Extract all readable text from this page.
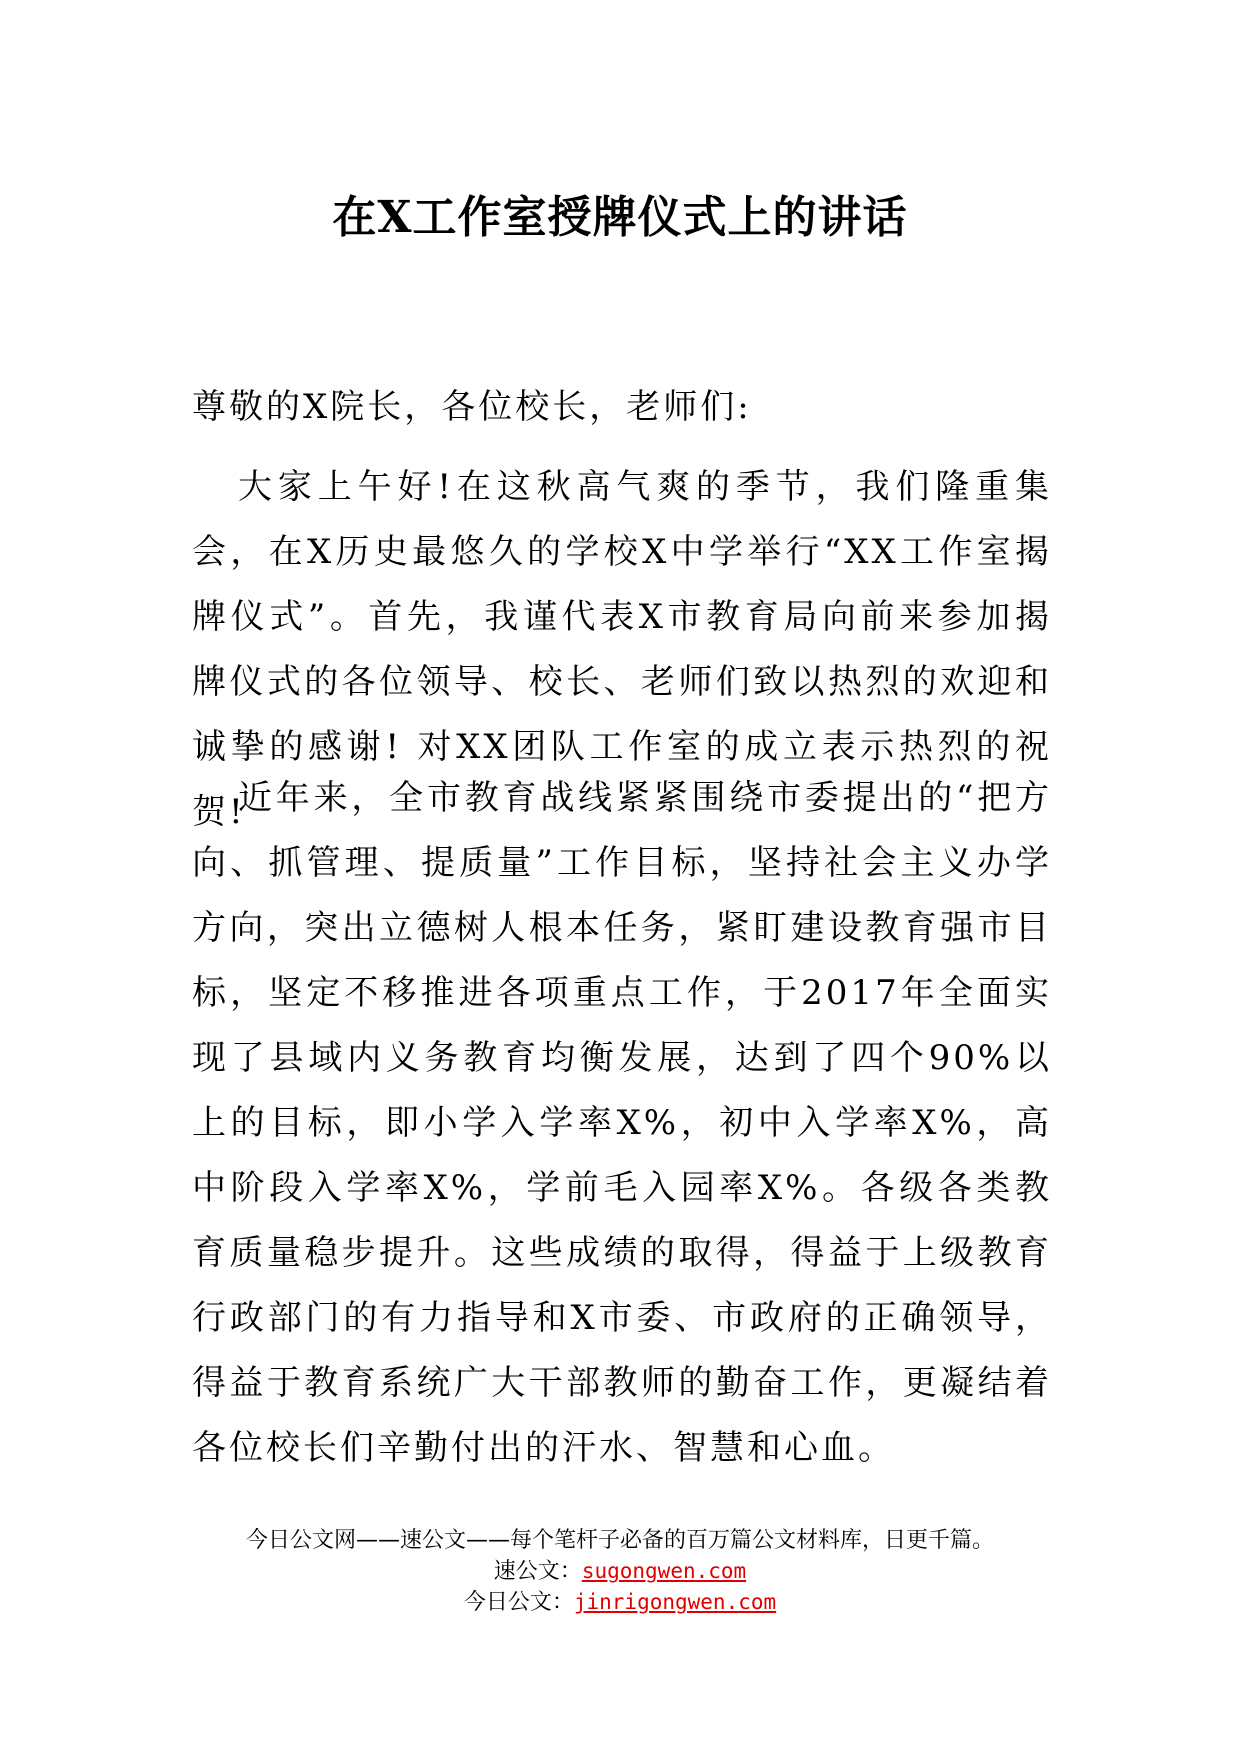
在X工作室授牌仪式上的讲话
尊敬的X院长，各位校长，老师们:
大家上午好!在这秋高气爽的季节，我们隆重集会，在X历史最悠久的学校X中学举行“XX工作室揭牌仪式”。首先，我谨代表X市教育局向前来参加揭牌仪式的各位领导、校长、老师们致以热烈的欢迎和诚挚的感谢! 对XX团队工作室的成立表示热烈的祝贺!
近年来，全市教育战线紧紧围绕市委提出的“把方向、抓管理、提质量”工作目标，坚持社会主义办学方向，突出立德树人根本任务，紧盯建设教育强市目标，坚定不移推进各项重点工作，于2017年全面实现了县域内义务教育均衡发展，达到了四个90%以上的目标，即小学入学率X%，初中入学率X%，高中阶段入学率X%，学前毛入园率X%。各级各类教育质量稳步提升。这些成绩的取得，得益于上级教育行政部门的有力指导和X市委、市政府的正确领导，得益于教育系统广大干部教师的勤奋工作，更凝结着各位校长们辛勤付出的汗水、智慧和心血。
今日公文网——速公文——每个笔杆子必备的百万篇公文材料库，日更千篇。
速公文：sugongwen.com
今日公文：jinrigongwen.com
